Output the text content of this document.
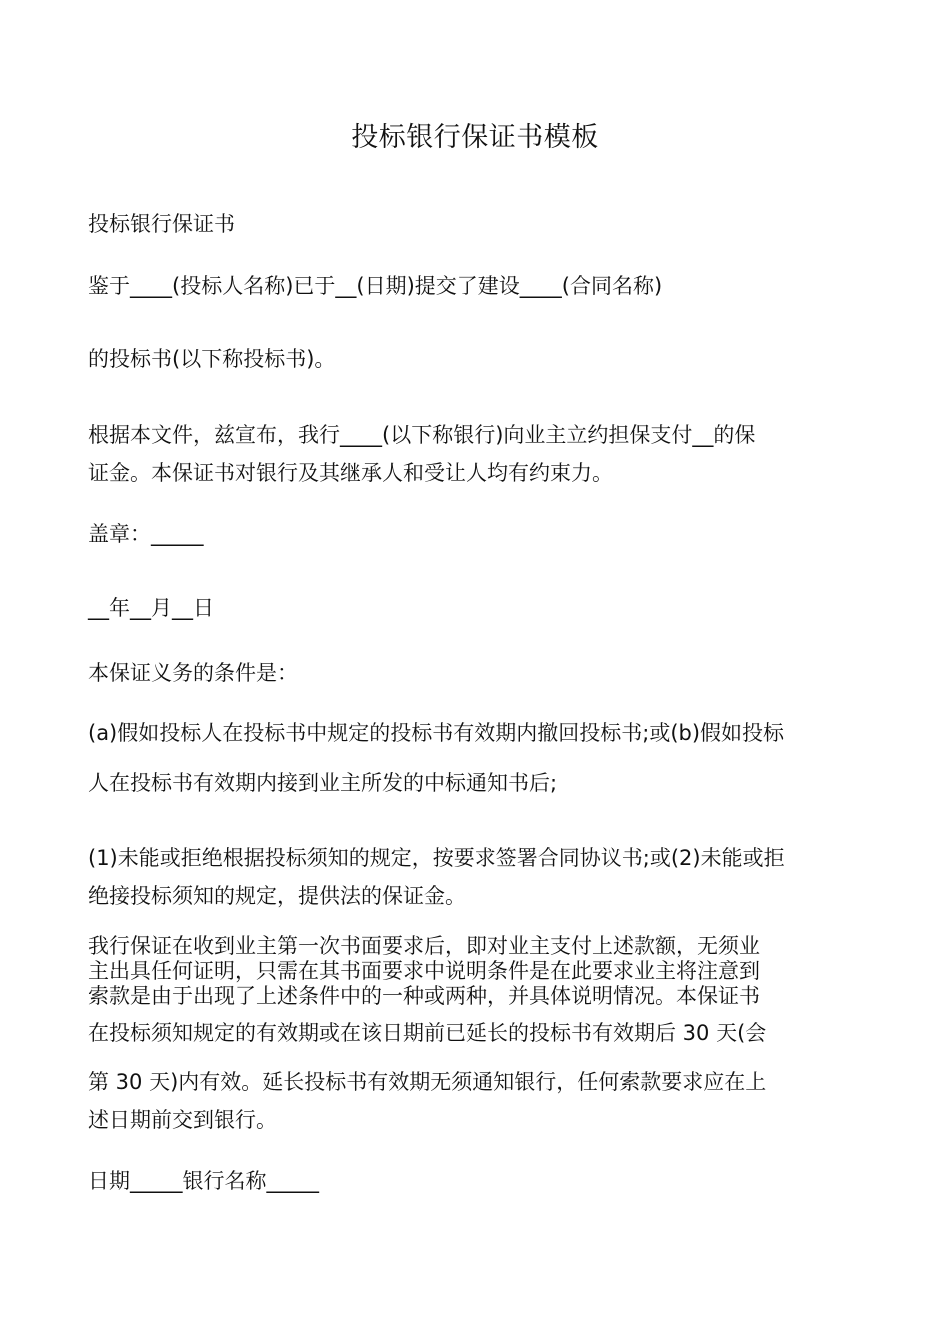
投标银行保证书模板
投标银行保证书
鉴于____(投标人名称)已于__(日期)提交了建设____(合同名称)
的投标书(以下称投标书)。
根据本文件，兹宣布，我行____(以下称银行)向业主立约担保支付__的保
证金。本保证书对银行及其继承人和受让人均有约束力。
盖章：_____
__年__月__日
本保证义务的条件是：
(a)假如投标人在投标书中规定的投标书有效期内撤回投标书;或(b)假如投标
人在投标书有效期内接到业主所发的中标通知书后;
(1)未能或拒绝根据投标须知的规定，按要求签署合同协议书;或(2)未能或拒
绝接投标须知的规定，提供法的保证金。
我行保证在收到业主第一次书面要求后，即对业主支付上述款额，无须业
主出具任何证明，只需在其书面要求中说明条件是在此要求业主将注意到
索款是由于出现了上述条件中的一种或两种，并具体说明情况。本保证书
在投标须知规定的有效期或在该日期前已延长的投标书有效期后 30 天(会
第 30 天)内有效。延长投标书有效期无须通知银行，任何索款要求应在上
述日期前交到银行。
日期_____银行名称_____
